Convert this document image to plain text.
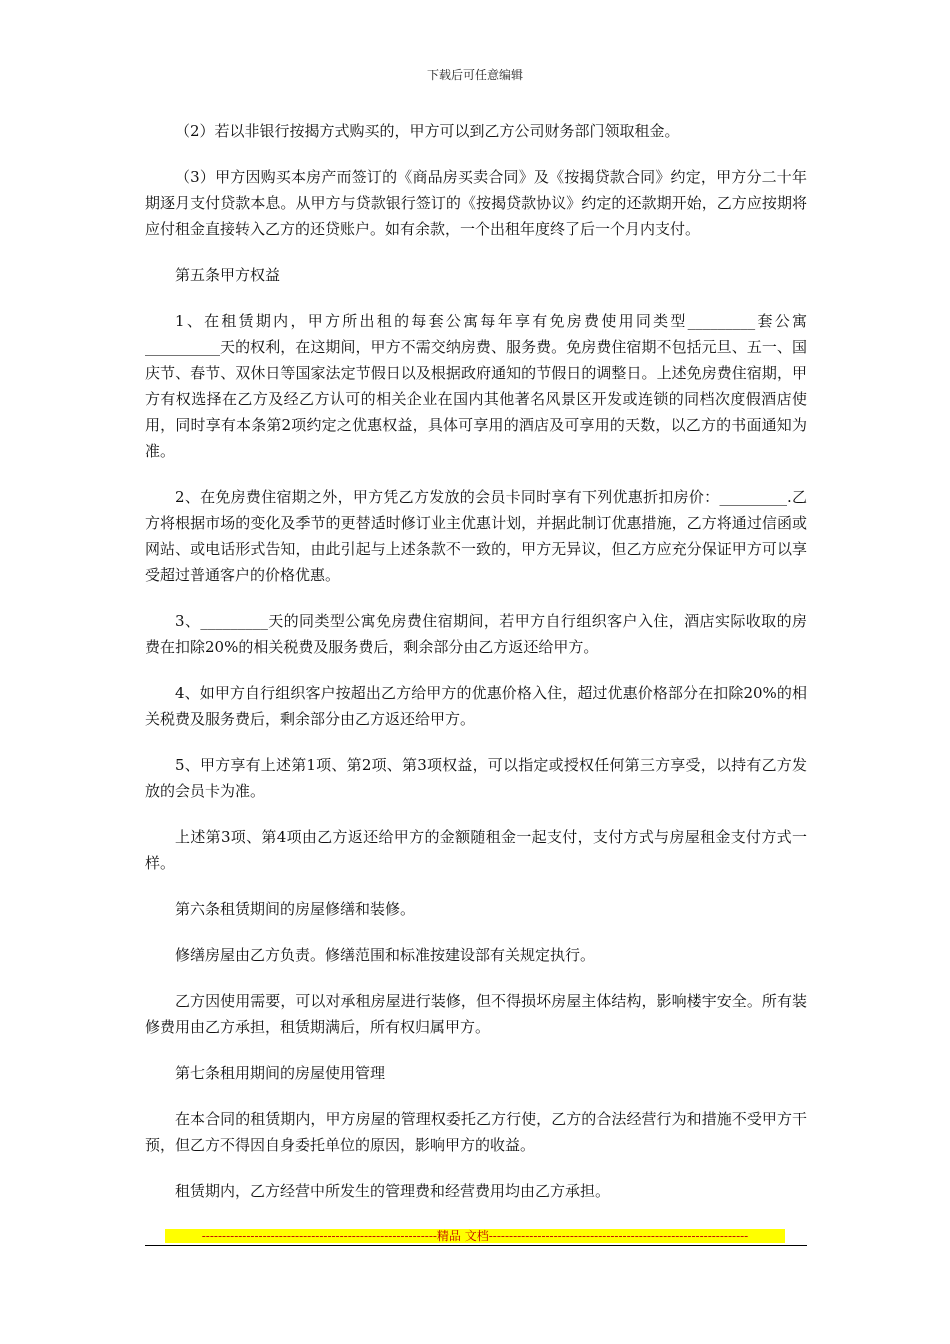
下载后可任意编辑

（2）若以非银行按揭方式购买的，甲方可以到乙方公司财务部门领取租金。

（3）甲方因购买本房产而签订的《商品房买卖合同》及《按揭贷款合同》约定，甲方分二十年期逐月支付贷款本息。从甲方与贷款银行签订的《按揭贷款协议》约定的还款期开始，乙方应按期将应付租金直接转入乙方的还贷账户。如有余款，一个出租年度终了后一个月内支付。

第五条甲方权益

1、在租赁期内，甲方所出租的每套公寓每年享有免房费使用同类型_________套公寓__________天的权利，在这期间，甲方不需交纳房费、服务费。免房费住宿期不包括元旦、五一、国庆节、春节、双休日等国家法定节假日以及根据政府通知的节假日的调整日。上述免房费住宿期，甲方有权选择在乙方及经乙方认可的相关企业在国内其他著名风景区开发或连锁的同档次度假酒店使用，同时享有本条第2项约定之优惠权益，具体可享用的酒店及可享用的天数，以乙方的书面通知为准。

2、在免房费住宿期之外，甲方凭乙方发放的会员卡同时享有下列优惠折扣房价：_________.乙方将根据市场的变化及季节的更替适时修订业主优惠计划，并据此制订优惠措施，乙方将通过信函或网站、或电话形式告知，由此引起与上述条款不一致的，甲方无异议，但乙方应充分保证甲方可以享受超过普通客户的价格优惠。

3、_________天的同类型公寓免房费住宿期间，若甲方自行组织客户入住，酒店实际收取的房费在扣除20%的相关税费及服务费后，剩余部分由乙方返还给甲方。

4、如甲方自行组织客户按超出乙方给甲方的优惠价格入住，超过优惠价格部分在扣除20%的相关税费及服务费后，剩余部分由乙方返还给甲方。

5、甲方享有上述第1项、第2项、第3项权益，可以指定或授权任何第三方享受，以持有乙方发放的会员卡为准。

上述第3项、第4项由乙方返还给甲方的金额随租金一起支付，支付方式与房屋租金支付方式一样。

第六条租赁期间的房屋修缮和装修。

修缮房屋由乙方负责。修缮范围和标准按建设部有关规定执行。

乙方因使用需要，可以对承租房屋进行装修，但不得损坏房屋主体结构，影响楼宇安全。所有装修费用由乙方承担，租赁期满后，所有权归属甲方。

第七条租用期间的房屋使用管理

在本合同的租赁期内，甲方房屋的管理权委托乙方行使，乙方的合法经营行为和措施不受甲方干预，但乙方不得因自身委托单位的原因，影响甲方的收益。

租赁期内，乙方经营中所发生的管理费和经营费用均由乙方承担。

----------------------------------------------------------精品 文档----------------------------------------------------------------
